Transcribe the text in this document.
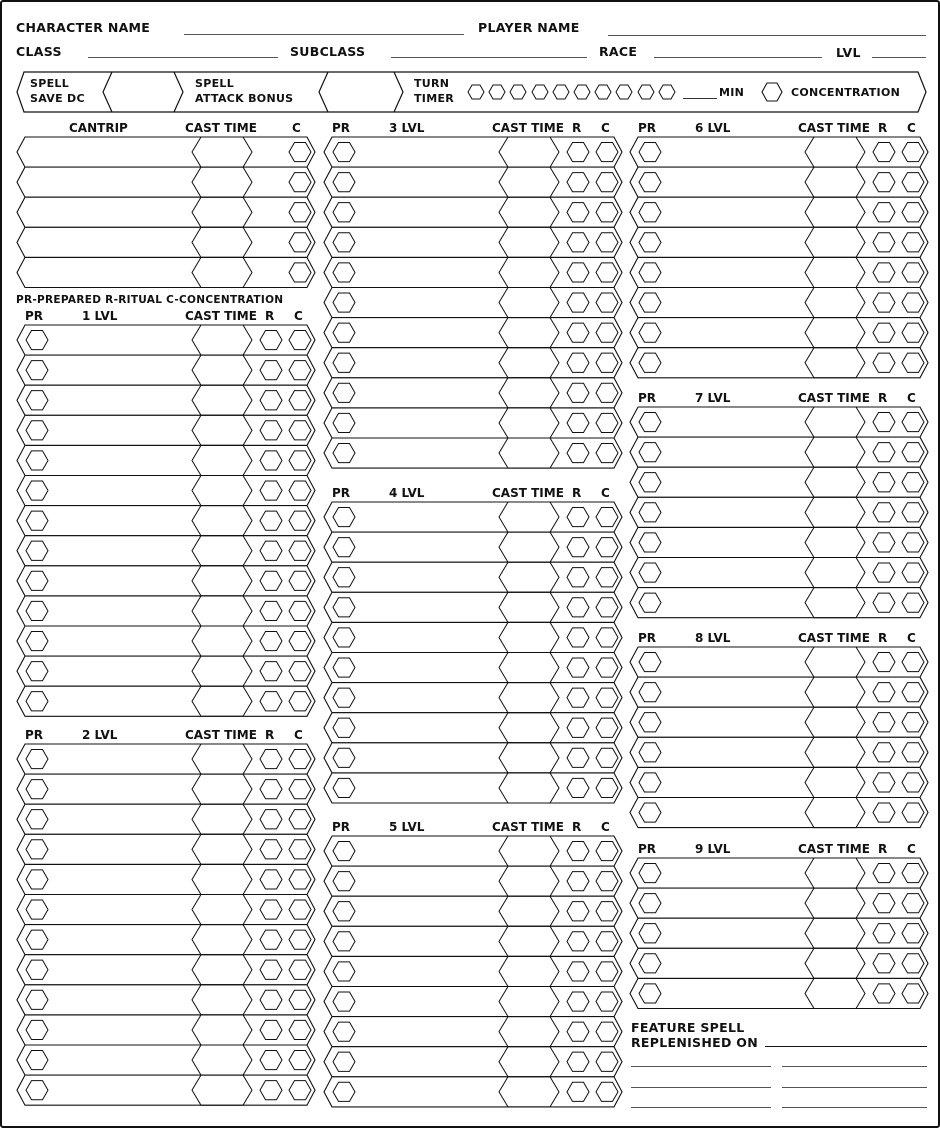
CHARACTER NAME	PLAYER NAME
CLASS	SUBCLASS	RACE	LVL
SPELL
SAVE DC
SPELL
ATTACK BONUS
TURN
TIMER	MIN	CONCENTRATION
PR-PREPARED R-RITUAL C-CONCENTRATION
CANTRIP	CAST TIME	C
PR	1 LVL	CAST TIME R C
PR	2 LVL	CAST TIME R C
PR	3 LVL	CAST TIME R C
PR	4 LVL	CAST TIME R C
PR	5 LVL	CAST TIME R C
PR	6 LVL	CAST TIME R C
PR	7 LVL	CAST TIME R C
PR	8 LVL	CAST TIME R C
PR	9 LVL	CAST TIME R C
FEATURE SPELL
REPLENISHED ON
